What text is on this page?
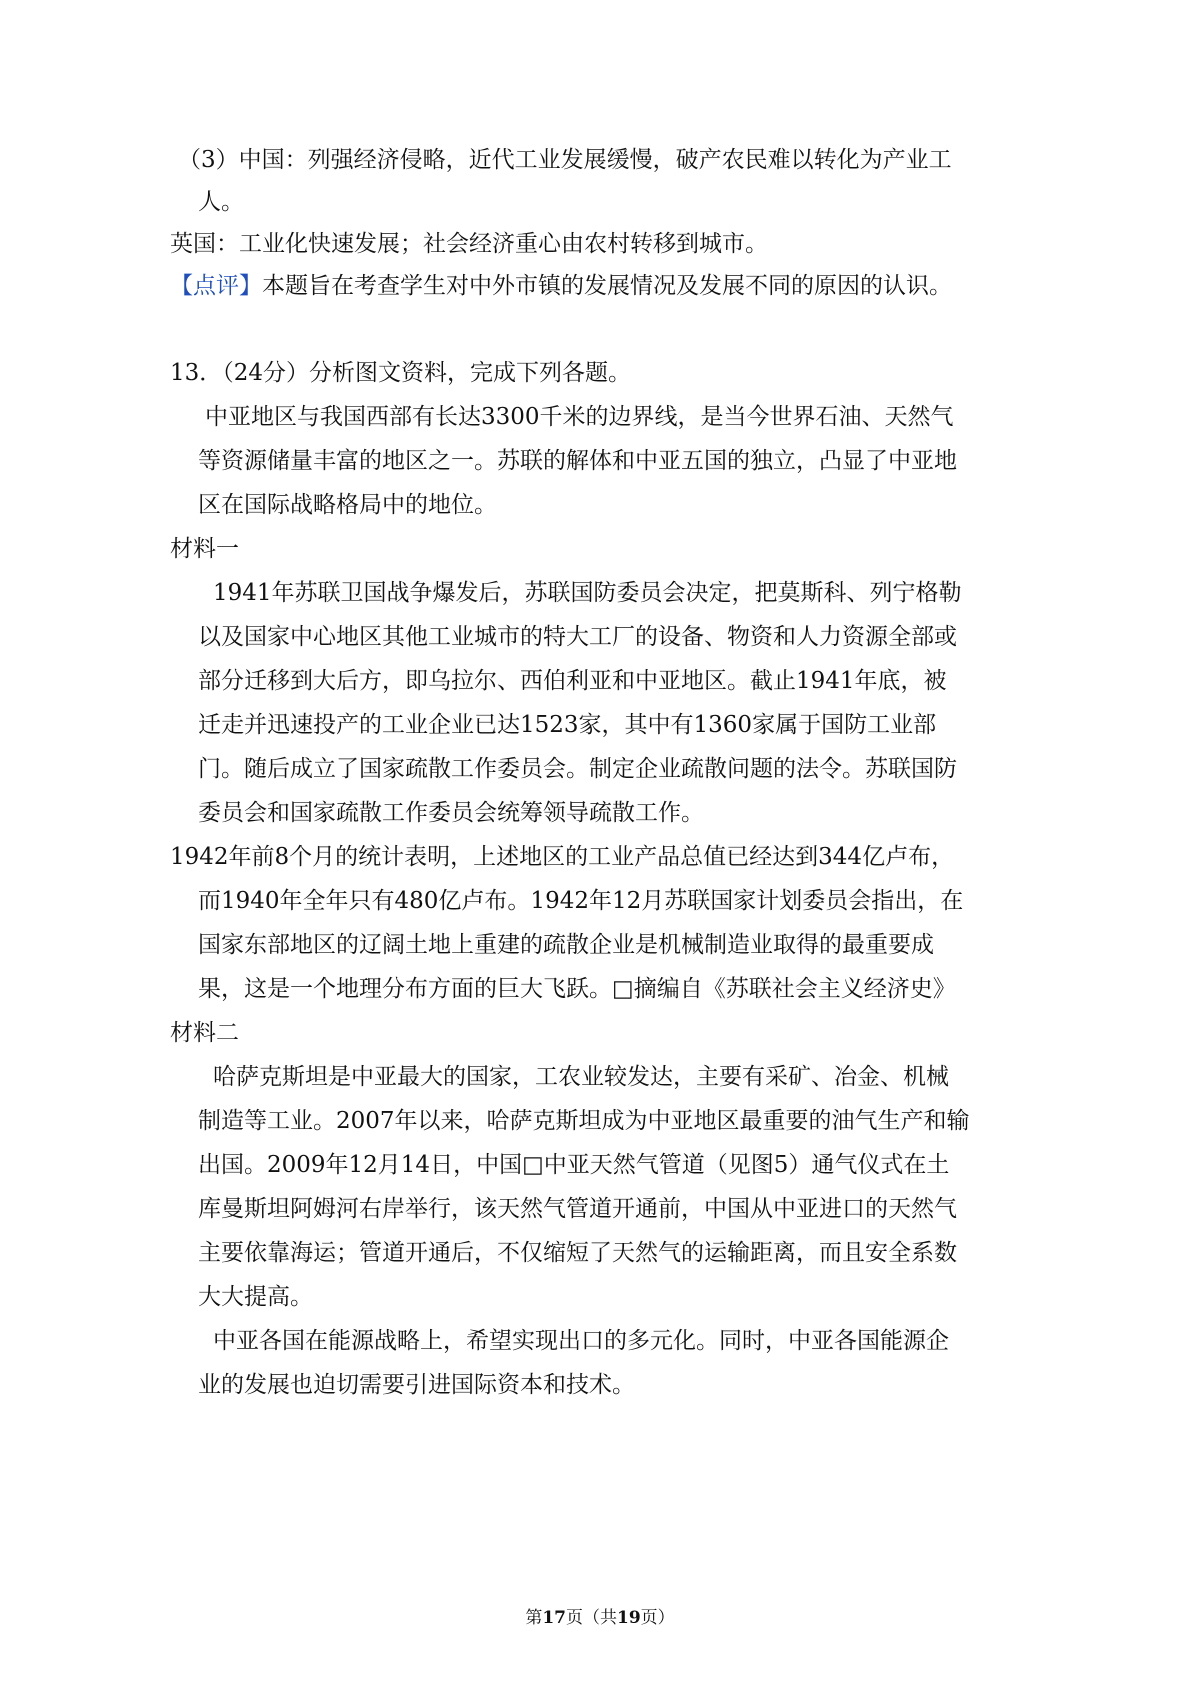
（3）中国：列强经济侵略，近代工业发展缓慢，破产农民难以转化为产业工
人。
英国：工业化快速发展；社会经济重心由农村转移到城市。
【点评】本题旨在考查学生对中外市镇的发展情况及发展不同的原因的认识。
13．（24分）分析图文资料，完成下列各题。
中亚地区与我国西部有长达3300千米的边界线，是当今世界石油、天然气
等资源储量丰富的地区之一。苏联的解体和中亚五国的独立，凸显了中亚地
区在国际战略格局中的地位。
材料一
1941年苏联卫国战争爆发后，苏联国防委员会决定，把莫斯科、列宁格勒
以及国家中心地区其他工业城市的特大工厂的设备、物资和人力资源全部或
部分迁移到大后方，即乌拉尔、西伯利亚和中亚地区。截止1941年底，被
迁走并迅速投产的工业企业已达1523家，其中有1360家属于国防工业部
门。随后成立了国家疏散工作委员会。制定企业疏散问题的法令。苏联国防
委员会和国家疏散工作委员会统筹领导疏散工作。
1942年前8个月的统计表明，上述地区的工业产品总值已经达到344亿卢布，
而1940年全年只有480亿卢布。1942年12月苏联国家计划委员会指出，在
国家东部地区的辽阔土地上重建的疏散企业是机械制造业取得的最重要成
果，这是一个地理分布方面的巨大飞跃。□摘编自《苏联社会主义经济史》
材料二
哈萨克斯坦是中亚最大的国家，工农业较发达，主要有采矿、冶金、机械
制造等工业。2007年以来，哈萨克斯坦成为中亚地区最重要的油气生产和输
出国。2009年12月14日，中国□中亚天然气管道（见图5）通气仪式在土
库曼斯坦阿姆河右岸举行，该天然气管道开通前，中国从中亚进口的天然气
主要依靠海运；管道开通后，不仅缩短了天然气的运输距离，而且安全系数
大大提高。
中亚各国在能源战略上，希望实现出口的多元化。同时，中亚各国能源企
业的发展也迫切需要引进国际资本和技术。
第17页（共19页）
